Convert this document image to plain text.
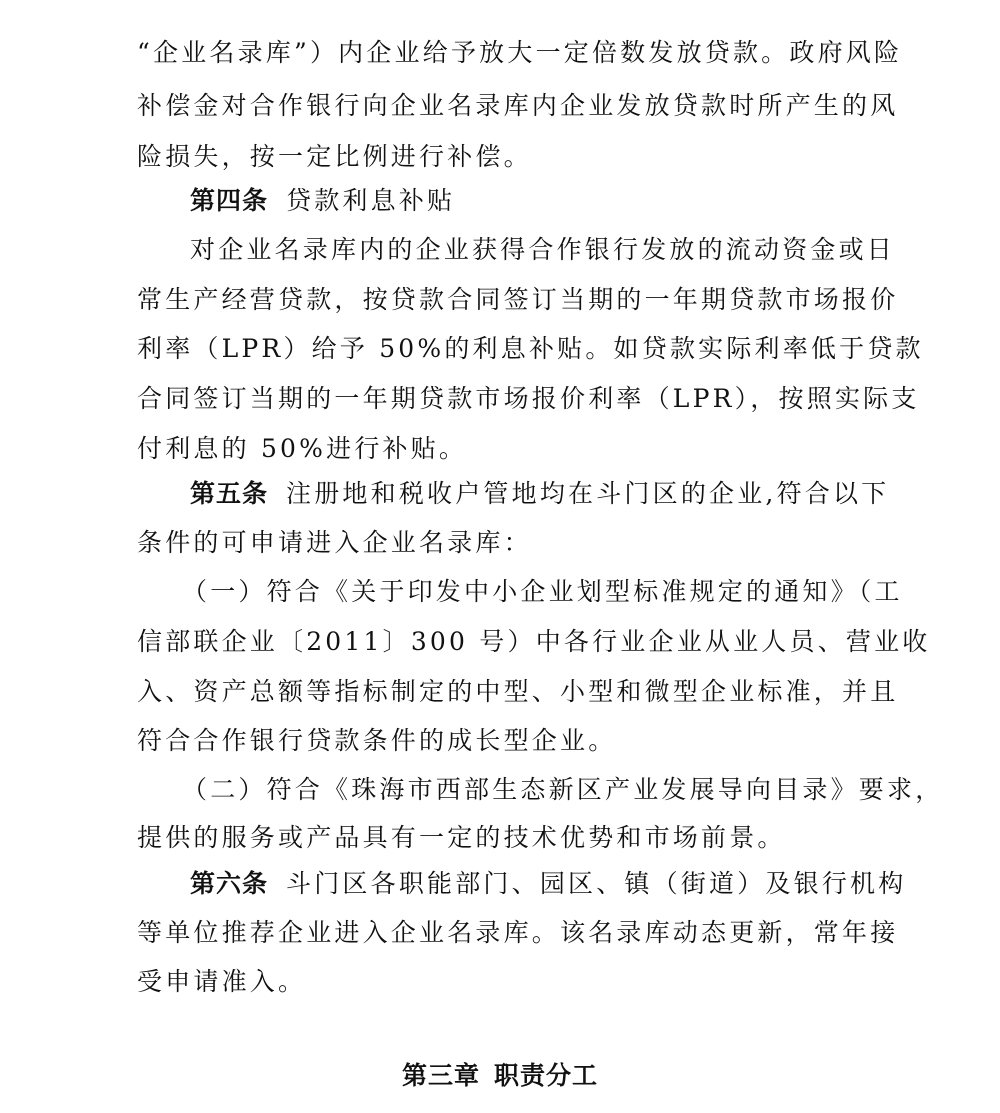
“企业名录库”）内企业给予放大一定倍数发放贷款。政府风险
补偿金对合作银行向企业名录库内企业发放贷款时所产生的风
险损失，按一定比例进行补偿。
第四条 贷款利息补贴
对企业名录库内的企业获得合作银行发放的流动资金或日
常生产经营贷款，按贷款合同签订当期的一年期贷款市场报价
利率（LPR）给予 50%的利息补贴。如贷款实际利率低于贷款
合同签订当期的一年期贷款市场报价利率（LPR），按照实际支
付利息的 50%进行补贴。
第五条 注册地和税收户管地均在斗门区的企业,符合以下
条件的可申请进入企业名录库：
（一）符合《关于印发中小企业划型标准规定的通知》（工
信部联企业〔2011〕300 号）中各行业企业从业人员、营业收
入、资产总额等指标制定的中型、小型和微型企业标准，并且
符合合作银行贷款条件的成长型企业。
（二）符合《珠海市西部生态新区产业发展导向目录》要求，
提供的服务或产品具有一定的技术优势和市场前景。
第六条 斗门区各职能部门、园区、镇（街道）及银行机构
等单位推荐企业进入企业名录库。该名录库动态更新，常年接
受申请准入。
第三章 职责分工
